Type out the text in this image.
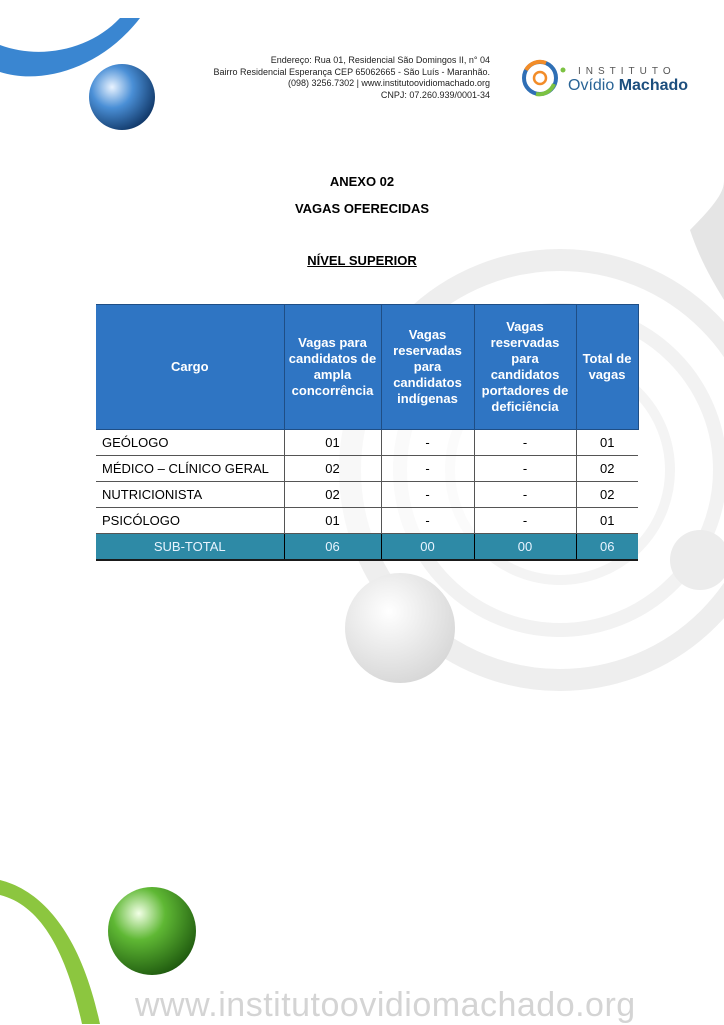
Endereço: Rua 01, Residencial São Domingos II, n° 04
Bairro Residencial Esperança CEP 65062665 - São Luís - Maranhão.
(098) 3256.7302 | www.institutoovidiomachado.org
CNPJ: 07.260.939/0001-34
INSTITUTO
Ovídio Machado
ANEXO 02
VAGAS OFERECIDAS
NÍVEL SUPERIOR
Cargo	Vagas para candidatos de ampla concorrência	Vagas reservadas para candidatos indígenas	Vagas reservadas para candidatos portadores de deficiência	Total de vagas
GEÓLOGO	01	-	-	01
MÉDICO – CLÍNICO GERAL	02	-	-	02
NUTRICIONISTA	02	-	-	02
PSICÓLOGO	01	-	-	01
SUB-TOTAL	06	00	00	06
www.institutoovidiomachado.org
